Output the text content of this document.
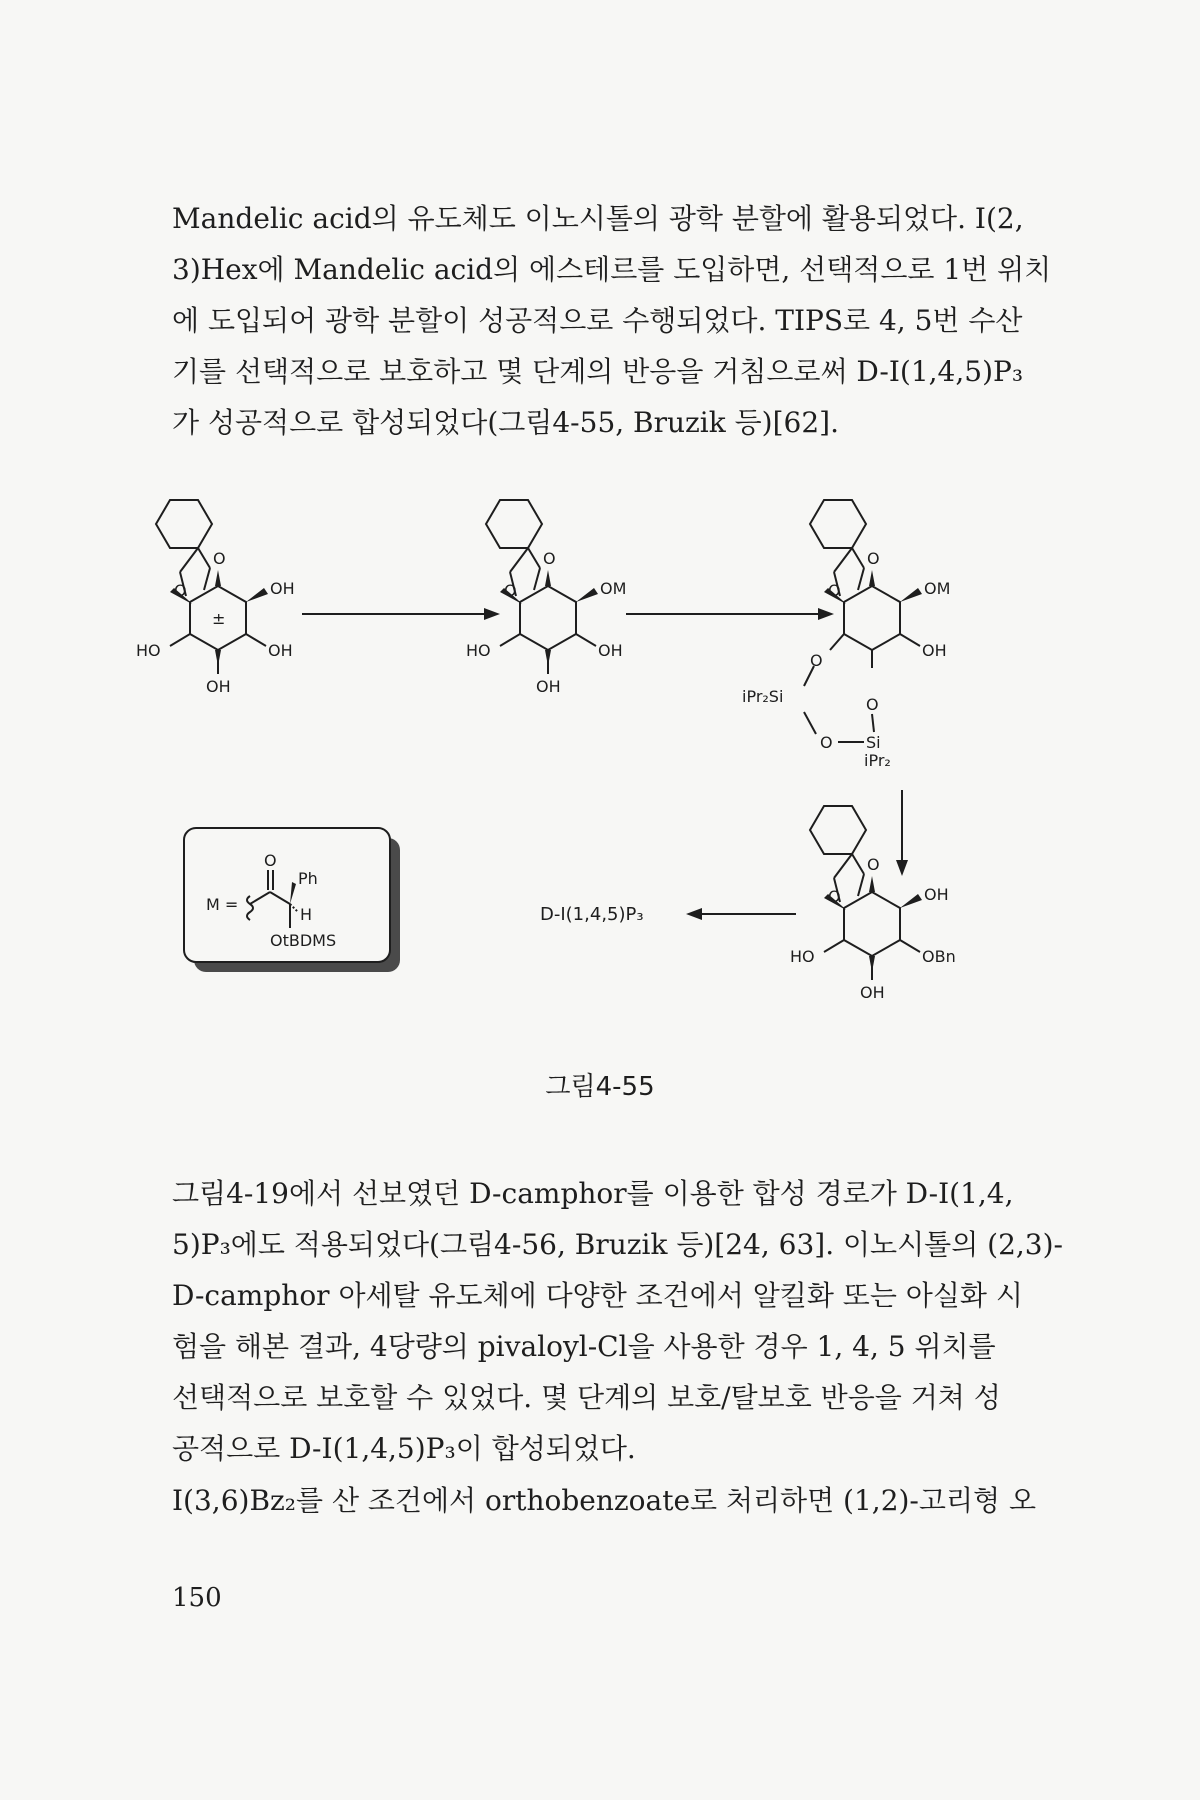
Mandelic acid의 유도체도 이노시톨의 광학 분할에 활용되었다. I(2,
3)Hex에 Mandelic acid의 에스테르를 도입하면, 선택적으로 1번 위치
에 도입되어 광학 분할이 성공적으로 수행되었다. TIPS로 4, 5번 수산
기를 선택적으로 보호하고 몇 단계의 반응을 거침으로써 D-I(1,4,5)P₃
가 성공적으로 합성되었다(그림4-55, Bruzik 등)[62].
O
O	OH
±
OH
HO
OH
O
O	OM
OH
HO
OH
O
O	OM
OH
O
O
iPr₂Si
O Si
iPr₂
O
O	OH
OBn
HO
OH
D-I(1,4,5)P₃
M =
O
Ph
H
OtBDMS
그림4-55
그림4-19에서 선보였던 D-camphor를 이용한 합성 경로가 D-I(1,4,
5)P₃에도 적용되었다(그림4-56, Bruzik 등)[24, 63]. 이노시톨의 (2,3)-
D-camphor 아세탈 유도체에 다양한 조건에서 알킬화 또는 아실화 시
험을 해본 결과, 4당량의 pivaloyl-Cl을 사용한 경우 1, 4, 5 위치를
선택적으로 보호할 수 있었다. 몇 단계의 보호/탈보호 반응을 거쳐 성
공적으로 D-I(1,4,5)P₃이 합성되었다.
I(3,6)Bz₂를 산 조건에서 orthobenzoate로 처리하면 (1,2)-고리형 오
150
